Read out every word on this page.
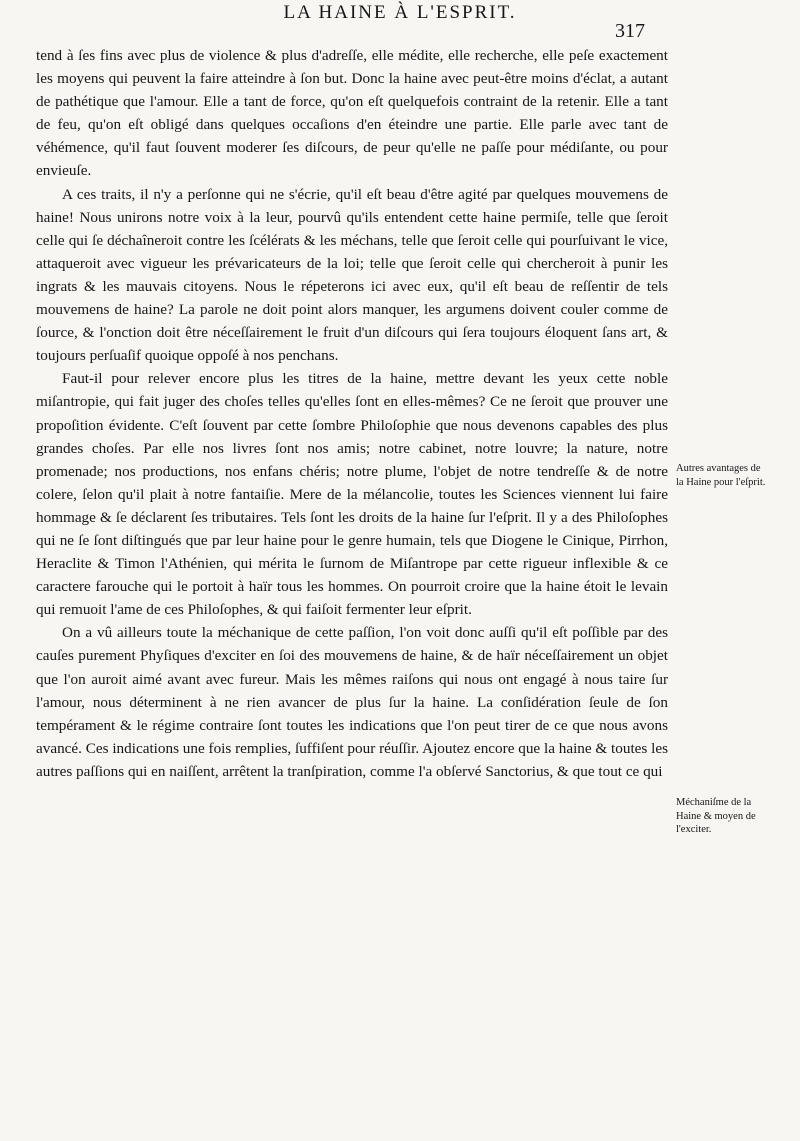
LA HAINE À L'ESPRIT.
317

tend à ſes fins avec plus de violence & plus d'adreſſe, elle médite, elle recherche, elle peſe exactement les moyens qui peuvent la faire atteindre à ſon but. Donc la haine avec peut-être moins d'éclat, a autant de pathétique que l'amour. Elle a tant de force, qu'on eſt quelquefois contraint de la retenir. Elle a tant de feu, qu'on eſt obligé dans quelques occaſions d'en éteindre une partie. Elle parle avec tant de véhémence, qu'il faut ſouvent moderer ſes diſcours, de peur qu'elle ne paſſe pour médiſante, ou pour envieuſe.

A ces traits, il n'y a perſonne qui ne s'écrie, qu'il eſt beau d'être agité par quelques mouvemens de haine! Nous unirons notre voix à la leur, pourvû qu'ils entendent cette haine permiſe, telle que ſeroit celle qui ſe déchaîneroit contre les ſcélérats & les méchans, telle que ſeroit celle qui pourſuivant le vice, attaqueroit avec vigueur les prévaricateurs de la loi; telle que ſeroit celle qui chercheroit à punir les ingrats & les mauvais citoyens. Nous le répeterons ici avec eux, qu'il eſt beau de reſſentir de tels mouvemens de haine? La parole ne doit point alors manquer, les argumens doivent couler comme de ſource, & l'onction doit être néceſſairement le fruit d'un diſcours qui ſera toujours éloquent ſans art, & toujours perſuaſif quoique oppoſé à nos penchans.

Faut-il pour relever encore plus les titres de la haine, mettre devant les yeux cette noble miſantropie, qui fait juger des choſes telles qu'elles ſont en elles-mêmes? Ce ne ſeroit que prouver une propoſition évidente. C'eſt ſouvent par cette ſombre Philoſophie que nous devenons capables des plus grandes choſes. Par elle nos livres ſont nos amis; notre cabinet, notre louvre; la nature, notre promenade; nos productions, nos enfans chéris; notre plume, l'objet de notre tendreſſe & de notre colere, ſelon qu'il plait à notre fantaiſie. Mere de la mélancolie, toutes les Sciences viennent lui faire hommage & ſe déclarent ſes tributaires. Tels ſont les droits de la haine ſur l'eſprit. Il y a des Philoſophes qui ne ſe ſont diſtingués que par leur haine pour le genre humain, tels que Diogene le Cinique, Pirrhon, Heraclite & Timon l'Athénien, qui mérita le ſurnom de Miſantrope par cette rigueur inflexible & ce caractere farouche qui le portoit à haïr tous les hommes. On pourroit croire que la haine étoit le levain qui remuoit l'ame de ces Philoſophes, & qui faiſoit fermenter leur eſprit.

On a vû ailleurs toute la méchanique de cette paſſion, l'on voit donc auſſi qu'il eſt poſſible par des cauſes purement Phyſiques d'exciter en ſoi des mouvemens de haine, & de haïr néceſſairement un objet que l'on auroit aimé avant avec fureur. Mais les mêmes raiſons qui nous ont engagé à nous taire ſur l'amour, nous déterminent à ne rien avancer de plus ſur la haine. La conſidération ſeule de ſon tempérament & le régime contraire ſont toutes les indications que l'on peut tirer de ce que nous avons avancé. Ces indications une fois remplies, ſuffiſent pour réuſſir. Ajoutez encore que la haine & toutes les autres paſſions qui en naiſſent, arrêtent la tranſpiration, comme l'a obſervé Sanctorius, & que tout ce qui

Autres avantages de la Haine pour l'eſprit.
Méchaniſme de la Haine & moyen de l'exciter.
